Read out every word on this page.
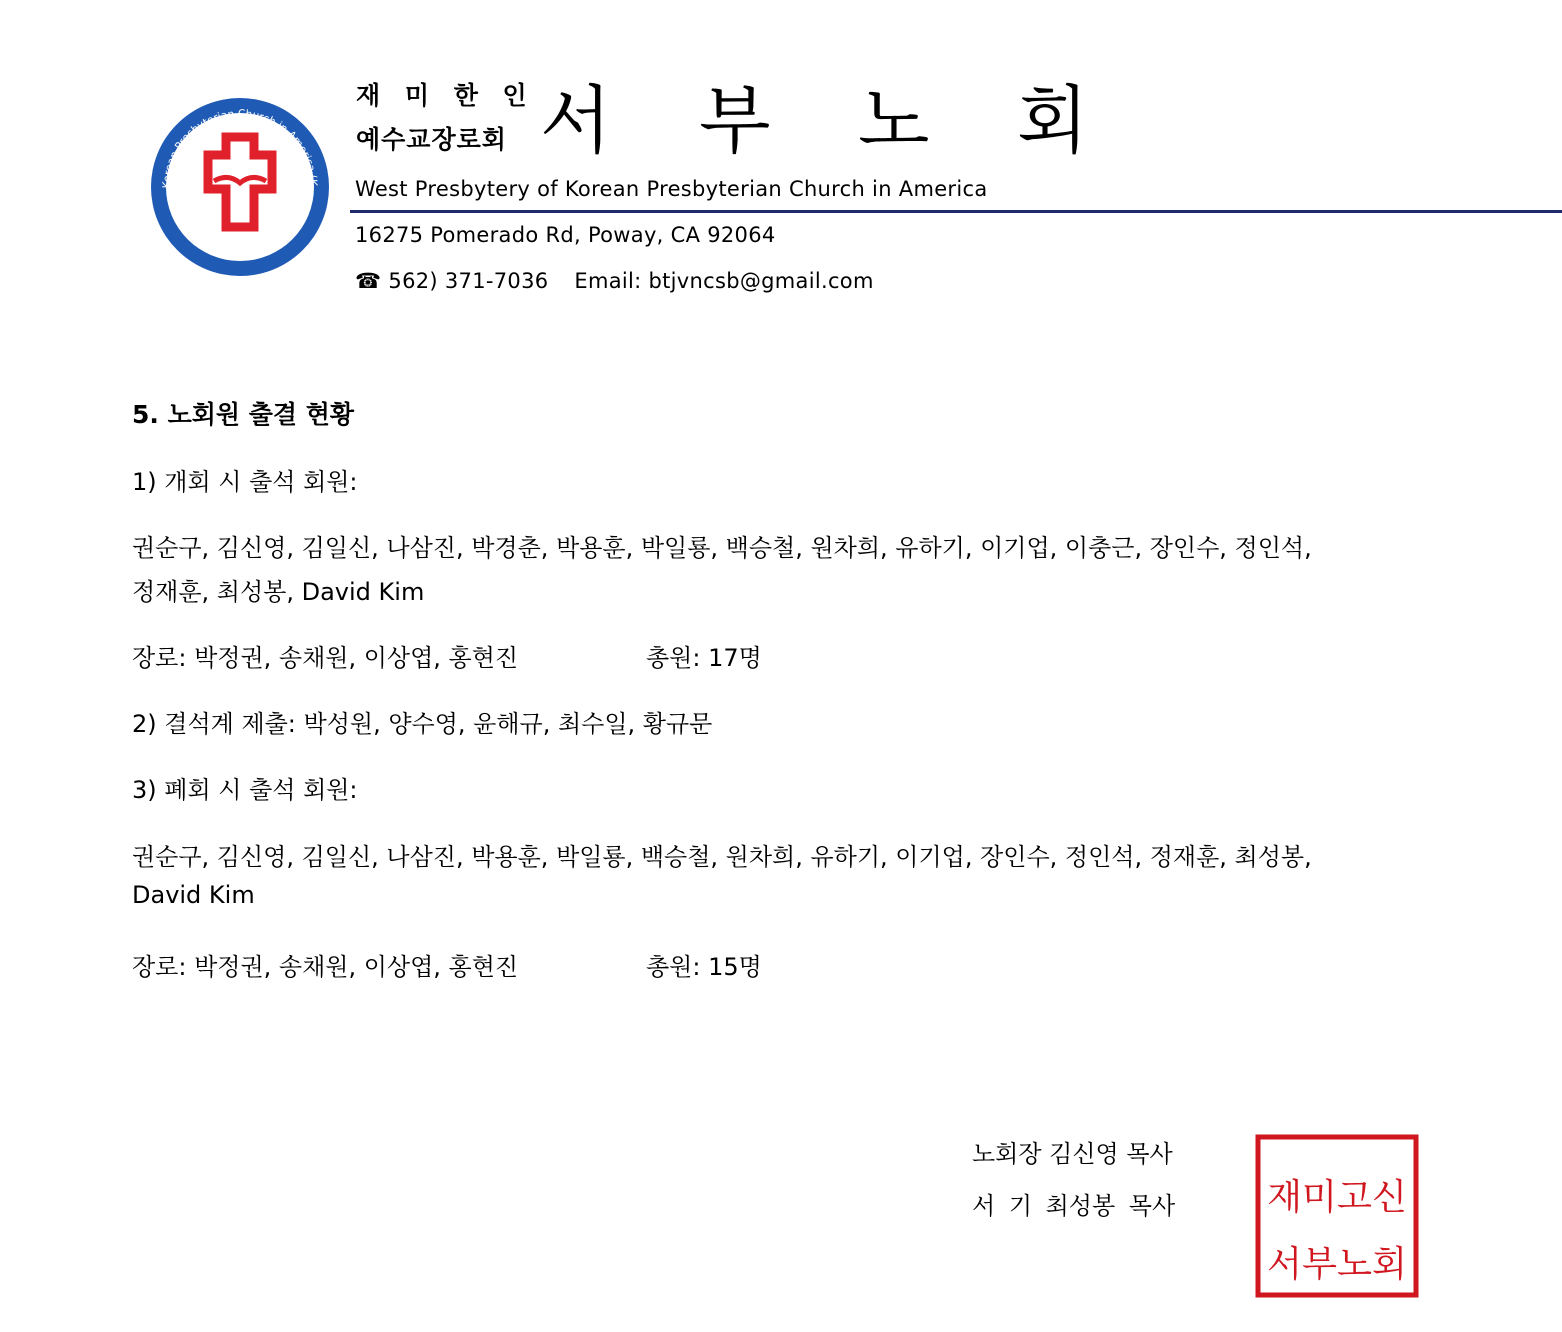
Korean Presbyterian Church in America (K
재미 한인예수교장로회 (고신)
재 미 한 인
예수교장로회 서 부 노 회
West Presbytery of Korean Presbyterian Church in America
16275 Pomerado Rd, Poway, CA 92064
☎ 562) 371-7036 Email: btjvncsb@gmail.com
5. 노회원 출결 현황
1) 개회 시 출석 회원:
권순구, 김신영, 김일신, 나삼진, 박경춘, 박용훈, 박일룡, 백승철, 원차희, 유하기, 이기업, 이충근, 장인수, 정인석,
정재훈, 최성봉, David Kim
장로: 박정권, 송채원, 이상엽, 홍현진	총원: 17명
2) 결석계 제출: 박성원, 양수영, 윤해규, 최수일, 황규문
3) 폐회 시 출석 회원:
권순구, 김신영, 김일신, 나삼진, 박용훈, 박일룡, 백승철, 원차희, 유하기, 이기업, 장인수, 정인석, 정재훈, 최성봉,
David Kim
장로: 박정권, 송채원, 이상엽, 홍현진	총원: 15명
노회장 김신영 목사
서 기 최성봉 목사	재미고신
서부노회
